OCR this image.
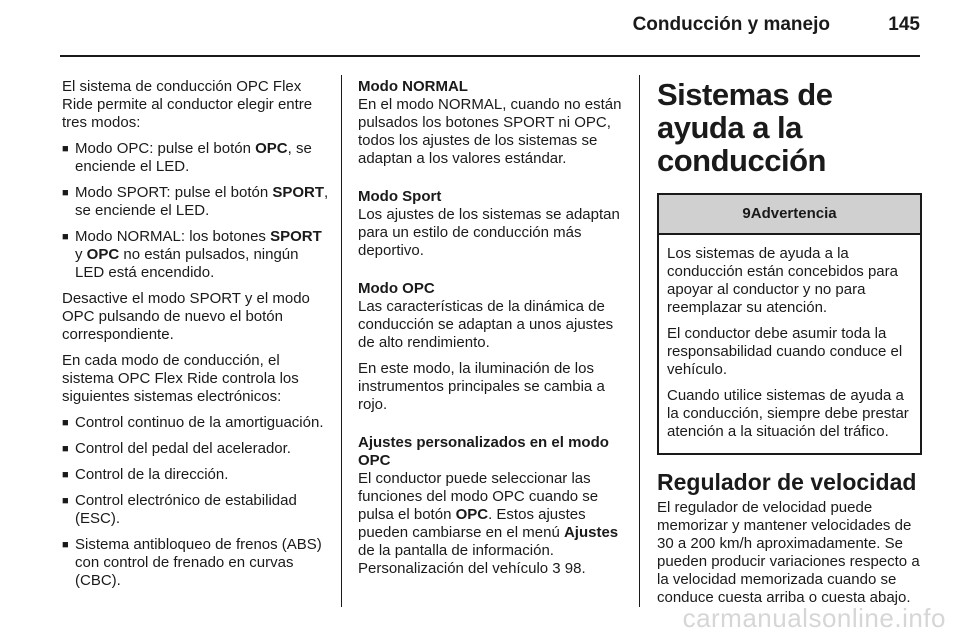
Conducción y manejo	145

El sistema de conducción OPC Flex Ride permite al conductor elegir entre tres modos:

■ Modo OPC: pulse el botón OPC, se enciende el LED.
■ Modo SPORT: pulse el botón SPORT, se enciende el LED.
■ Modo NORMAL: los botones SPORT y OPC no están pulsados, ningún LED está encendido.

Desactive el modo SPORT y el modo OPC pulsando de nuevo el botón correspondiente.

En cada modo de conducción, el sistema OPC Flex Ride controla los siguientes sistemas electrónicos:

■ Control continuo de la amortiguación.
■ Control del pedal del acelerador.
■ Control de la dirección.
■ Control electrónico de estabilidad (ESC).
■ Sistema antibloqueo de frenos (ABS) con control de frenado en curvas (CBC).

Modo NORMAL

En el modo NORMAL, cuando no están pulsados los botones SPORT ni OPC, todos los ajustes de los sistemas se adaptan a los valores estándar.

Modo Sport

Los ajustes de los sistemas se adaptan para un estilo de conducción más deportivo.

Modo OPC

Las características de la dinámica de conducción se adaptan a unos ajustes de alto rendimiento.

En este modo, la iluminación de los instrumentos principales se cambia a rojo.

Ajustes personalizados en el modo OPC

El conductor puede seleccionar las funciones del modo OPC cuando se pulsa el botón OPC. Estos ajustes pueden cambiarse en el menú Ajustes de la pantalla de información. Personalización del vehículo 3 98.

Sistemas de ayuda a la conducción
9 Advertencia

Los sistemas de ayuda a la conducción están concebidos para apoyar al conductor y no para reemplazar su atención.

El conductor debe asumir toda la responsabilidad cuando conduce el vehículo.

Cuando utilice sistemas de ayuda a la conducción, siempre debe prestar atención a la situación del tráfico.

Regulador de velocidad

El regulador de velocidad puede memorizar y mantener velocidades de 30 a 200 km/h aproximadamente. Se pueden producir variaciones respecto a la velocidad memorizada cuando se conduce cuesta arriba o cuesta abajo.

carmanualsonline.info
